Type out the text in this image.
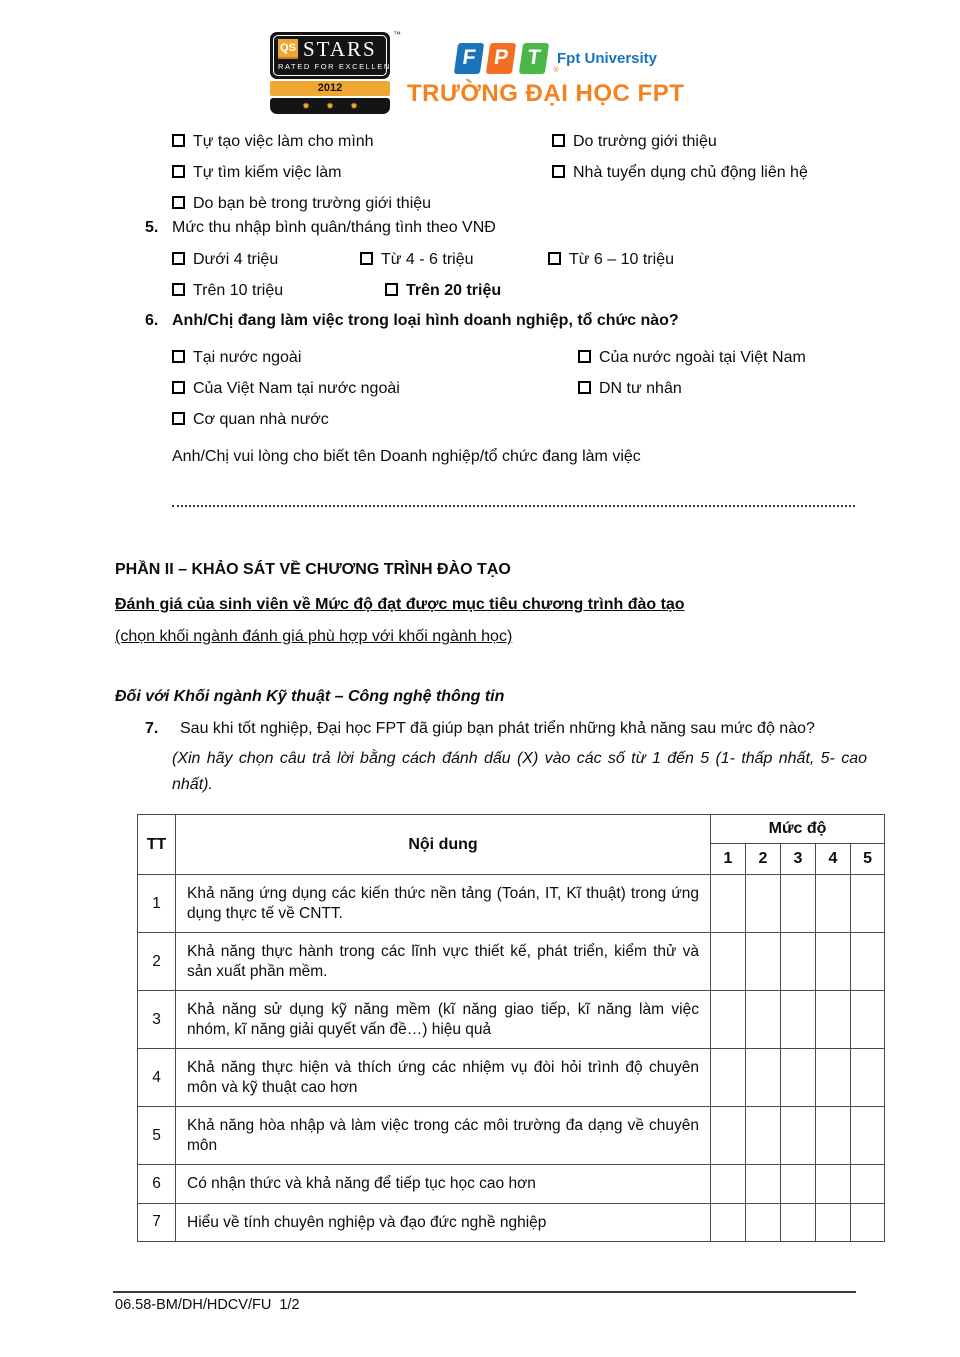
QS STARS
RATED FOR EXCELLENCE
2012
✹ ✹ ✹
™
F P T ®
Fpt University
TRƯỜNG ĐẠI HỌC FPT
Tự tạo việc làm cho mình
Tự tìm kiếm việc làm
Do bạn bè trong trường giới thiệu
Do trường giới thiệu
Nhà tuyển dụng chủ động liên hệ
5. Mức thu nhập bình quân/tháng tình theo VNĐ
Dưới 4 triệu	Từ 4 - 6 triệu	Từ 6 – 10 triệu
Trên 10 triệu	Trên 20 triệu
6. Anh/Chị đang làm việc trong loại hình doanh nghiệp, tổ chức nào?
Tại nước ngoài
Của Việt Nam tại nước ngoài
Cơ quan nhà nước
Của nước ngoài tại Việt Nam
DN tư nhân
Anh/Chị vui lòng cho biết tên Doanh nghiệp/tổ chức đang làm việc
PHẦN II – KHẢO SÁT VỀ CHƯƠNG TRÌNH ĐÀO TẠO
Đánh giá của sinh viên về Mức độ đạt được mục tiêu chương trình đào tạo
(chọn khối ngành đánh giá phù hợp với khối ngành học)
Đối với Khối ngành Kỹ thuật – Công nghệ thông tin
7. Sau khi tốt nghiệp, Đại học FPT đã giúp bạn phát triển những khả năng sau mức độ nào?
(Xin hãy chọn câu trả lời bằng cách đánh dấu (X) vào các số từ 1 đến 5 (1- thấp nhất, 5- cao nhất).
TT	Nội dung	Mức độ				
		1	2	3	4	5
1	Khả năng ứng dụng các kiến thức nền tảng (Toán, IT, Kĩ thuật) trong ứng dụng thực tế về CNTT.					
2	Khả năng thực hành trong các lĩnh vực thiết kế, phát triển, kiểm thử và sản xuất phần mềm.					
3	Khả năng sử dụng kỹ năng mềm (kĩ năng giao tiếp, kĩ năng làm việc nhóm, kĩ năng giải quyết vấn đề…) hiệu quả					
4	Khả năng thực hiện và thích ứng các nhiệm vụ đòi hỏi trình độ chuyên môn và kỹ thuật cao hơn					
5	Khả năng hòa nhập và làm việc trong các môi trường đa dạng về chuyên môn					
6	Có nhận thức và khả năng để tiếp tục học cao hơn					
7	Hiểu về tính chuyên nghiệp và đạo đức nghề nghiệp					
06.58-BM/DH/HDCV/FU  1/2
